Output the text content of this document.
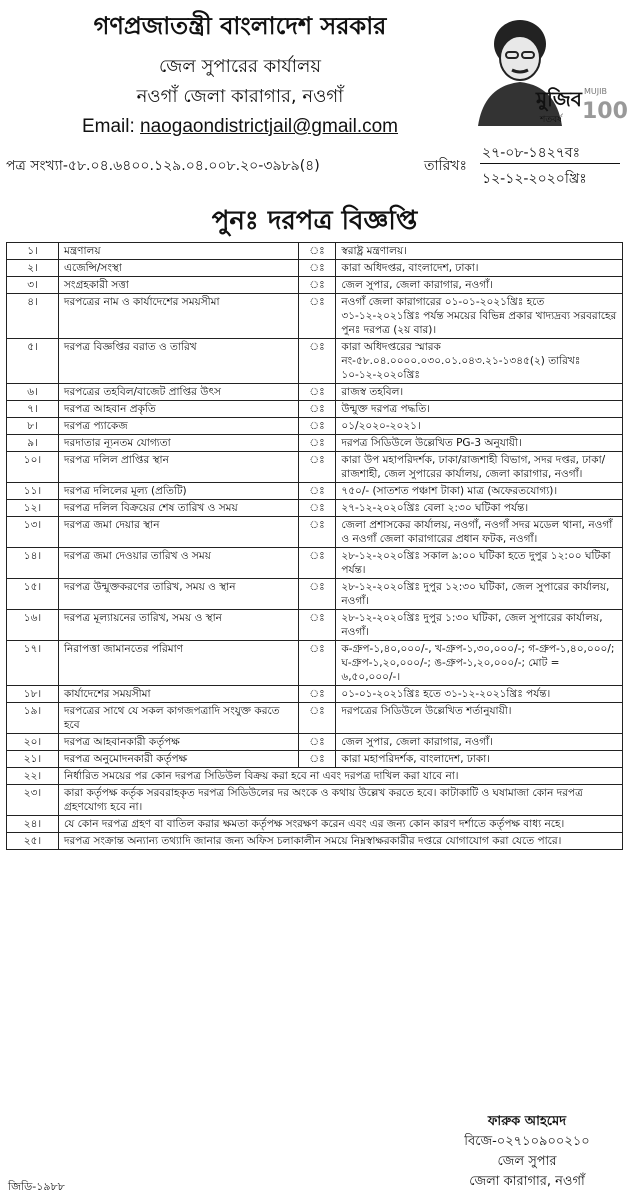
গণপ্রজাতন্ত্রী বাংলাদেশ সরকার
জেল সুপারের কার্যালয়
নওগাঁ জেলা কারাগার, নওগাঁ
Email: naogaondistrictjail@gmail.com
মুজিব
শতবর্ষ
MUJIB
100
পত্র সংখ্যা-৫৮.০৪.৬৪০০.১২৯.০৪.০০৮.২০-৩৯৮৯(৪)	তারিখঃ
২৭-০৮-১৪২৭বঃ
১২-১২-২০২০খ্রিঃ
পুনঃ দরপত্র বিজ্ঞপ্তি
১।	মন্ত্রণালয়	ঃ	স্বরাষ্ট্র মন্ত্রণালয়।
২।	এজেন্সি/সংস্থা	ঃ	কারা অধিদপ্তর, বাংলাদেশ, ঢাকা।
৩।	সংগ্রহকারী সত্তা	ঃ	জেল সুপার, জেলা কারাগার, নওগাঁ।
৪।	দরপত্রের নাম ও কার্যাদেশের সময়সীমা	ঃ	নওগাঁ জেলা কারাগারের ০১-০১-২০২১খ্রিঃ হতে ৩১-১২-২০২১খ্রিঃ পর্যন্ত সময়ের বিভিন্ন প্রকার খাদ্যদ্রব্য সরবরাহের পুনঃ দরপত্র (২য় বার)।
৫।	দরপত্র বিজ্ঞপ্তির বরাত ও তারিখ	ঃ	কারা অধিদপ্তরের স্মারক নং-৫৮.০৪.০০০০.০৩০.০১.০৪৩.২১-১৩৪৫(২) তারিখঃ ১০-১২-২০২০খ্রিঃ
৬।	দরপত্রের তহবিল/বাজেট প্রাপ্তির উৎস	ঃ	রাজস্ব তহবিল।
৭।	দরপত্র আহবান প্রকৃতি	ঃ	উন্মুক্ত দরপত্র পদ্ধতি।
৮।	দরপত্র প্যাকেজ	ঃ	০১/২০২০-২০২১।
৯।	দরদাতার ন্যূনতম যোগ্যতা	ঃ	দরপত্র সিডিউলে উল্লেখিত PG-3 অনুযায়ী।
১০।	দরপত্র দলিল প্রাপ্তির স্থান	ঃ	কারা উপ মহাপরিদর্শক, ঢাকা/রাজশাহী বিভাগ, সদর দপ্তর, ঢাকা/রাজশাহী, জেল সুপারের কার্যালয়, জেলা কারাগার, নওগাঁ।
১১।	দরপত্র দলিলের মূল্য (প্রতিটি)	ঃ	৭৫০/- (সাতশত পঞ্চাশ টাকা) মাত্র (অফেরতযোগ্য)।
১২।	দরপত্র দলিল বিক্রয়ের শেষ তারিখ ও সময়	ঃ	২৭-১২-২০২০খ্রিঃ বেলা ২:৩০ ঘটিকা পর্যন্ত।
১৩।	দরপত্র জমা দেয়ার স্থান	ঃ	জেলা প্রশাসকের কার্যালয়, নওগাঁ, নওগাঁ সদর মডেল থানা, নওগাঁ ও নওগাঁ জেলা কারাগারের প্রধান ফটক, নওগাঁ।
১৪।	দরপত্র জমা দেওয়ার তারিখ ও সময়	ঃ	২৮-১২-২০২০খ্রিঃ সকাল ৯:০০ ঘটিকা হতে দুপুর ১২:০০ ঘটিকা পর্যন্ত।
১৫।	দরপত্র উন্মুক্তকরণের তারিখ, সময় ও স্থান	ঃ	২৮-১২-২০২০খ্রিঃ দুপুর ১২:৩০ ঘটিকা, জেল সুপারের কার্যালয়, নওগাঁ।
১৬।	দরপত্র মূল্যায়নের তারিখ, সময় ও স্থান	ঃ	২৮-১২-২০২০খ্রিঃ দুপুর ১:৩০ ঘটিকা, জেল সুপারের কার্যালয়, নওগাঁ।
১৭।	নিরাপত্তা জামানতের পরিমাণ	ঃ	ক-গ্রুপ-১,৪০,০০০/-, খ-গ্রুপ-১,৩০,০০০/-; গ-গ্রুপ-১,৪০,০০০/; ঘ-গ্রুপ-১,২০,০০০/-; ঙ-গ্রুপ-১,২০,০০০/-; মোট = ৬,৫০,০০০/-।
১৮।	কার্যাদেশের সময়সীমা	ঃ	০১-০১-২০২১খ্রিঃ হতে ৩১-১২-২০২১খ্রিঃ পর্যন্ত।
১৯।	দরপত্রের সাথে যে সকল কাগজপত্রাদি সংযুক্ত করতে হবে	ঃ	দরপত্রের সিডিউলে উল্লেখিত শর্তানুযায়ী।
২০।	দরপত্র আহবানকারী কর্তৃপক্ষ	ঃ	জেল সুপার, জেলা কারাগার, নওগাঁ।
২১।	দরপত্র অনুমোদনকারী কর্তৃপক্ষ	ঃ	কারা মহাপরিদর্শক, বাংলাদেশ, ঢাকা।
২২।	নির্ধারিত সময়ের পর কোন দরপত্র সিডিউল বিক্রয় করা হবে না এবং দরপত্র দাখিল করা যাবে না।		
২৩।	কারা কর্তৃপক্ষ কর্তৃক সরবরাহকৃত দরপত্র সিডিউলের দর অংকে ও কথায় উল্লেখ করতে হবে। কাটাকাটি ও ঘষামাজা কোন দরপত্র গ্রহণযোগ্য হবে না।		
২৪।	যে কোন দরপত্র গ্রহণ বা বাতিল করার ক্ষমতা কর্তৃপক্ষ সংরক্ষণ করেন এবং এর জন্য কোন কারণ দর্শাতে কর্তৃপক্ষ বাধ্য নহে।		
২৫।	দরপত্র সংক্রান্ত অন্যান্য তথ্যাদি জানার জন্য অফিস চলাকালীন সময়ে নিম্নস্বাক্ষরকারীর দপ্তরে যোগাযোগ করা যেতে পারে।		
ফারুক আহমেদ
বিজে-০২৭১০৯০০২১০
জেল সুপার
জেলা কারাগার, নওগাঁ
জিডি-১৯৮৮
